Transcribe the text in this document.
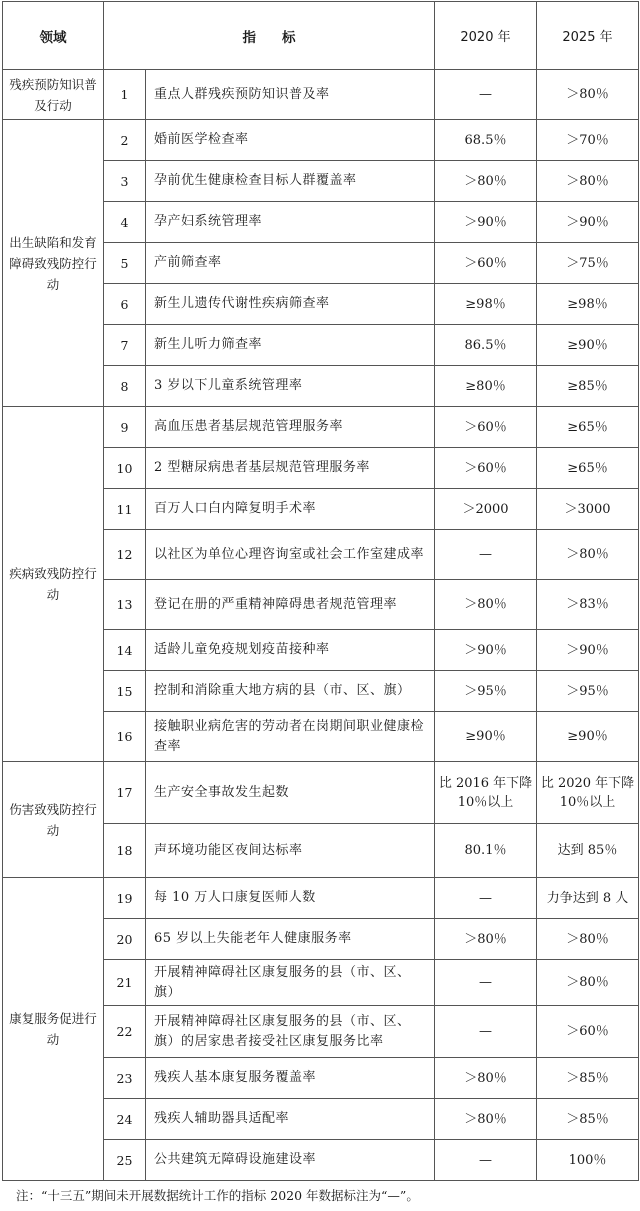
领域	指标		2020 年	2025 年
残疾预防知识普及行动	1	重点人群残疾预防知识普及率	—	＞80％
出生缺陷和发育障碍致残防控行动	2	婚前医学检查率	68.5％	＞70％
	3	孕前优生健康检查目标人群覆盖率	＞80％	＞80％
	4	孕产妇系统管理率	＞90％	＞90％
	5	产前筛查率	＞60％	＞75％
	6	新生儿遗传代谢性疾病筛查率	≥98％	≥98％
	7	新生儿听力筛查率	86.5％	≥90％
	8	3 岁以下儿童系统管理率	≥80％	≥85％
疾病致残防控行动	9	高血压患者基层规范管理服务率	＞60％	≥65％
	10	2 型糖尿病患者基层规范管理服务率	＞60％	≥65％
	11	百万人口白内障复明手术率	＞2000	＞3000
	12	以社区为单位心理咨询室或社会工作室建成率	—	＞80％
	13	登记在册的严重精神障碍患者规范管理率	＞80％	＞83％
	14	适龄儿童免疫规划疫苗接种率	＞90％	＞90％
	15	控制和消除重大地方病的县（市、区、旗）	＞95％	＞95％
	16	接触职业病危害的劳动者在岗期间职业健康检查率	≥90％	≥90％
伤害致残防控行动	17	生产安全事故发生起数	比 2016 年下降 10％以上	比 2020 年下降 10％以上
	18	声环境功能区夜间达标率	80.1％	达到 85％
康复服务促进行动	19	每 10 万人口康复医师人数	—	力争达到 8 人
	20	65 岁以上失能老年人健康服务率	＞80％	＞80％
	21	开展精神障碍社区康复服务的县（市、区、旗）	—	＞80％
	22	开展精神障碍社区康复服务的县（市、区、旗）的居家患者接受社区康复服务比率	—	＞60％
	23	残疾人基本康复服务覆盖率	＞80％	＞85％
	24	残疾人辅助器具适配率	＞80％	＞85％
	25	公共建筑无障碍设施建设率	—	100％
注：“十三五”期间未开展数据统计工作的指标 2020 年数据标注为“—”。
